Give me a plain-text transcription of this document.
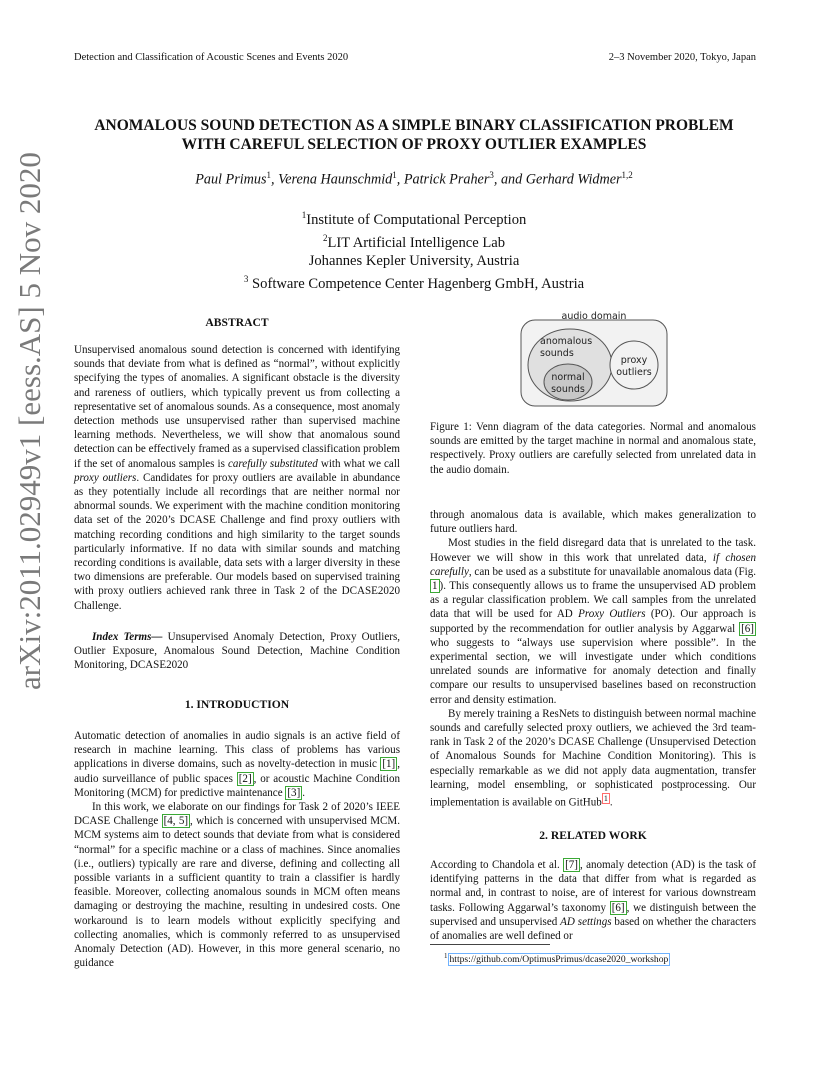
Detection and Classification of Acoustic Scenes and Events 2020	2–3 November 2020, Tokyo, Japan
arXiv:2011.02949v1 [eess.AS] 5 Nov 2020
ANOMALOUS SOUND DETECTION AS A SIMPLE BINARY CLASSIFICATION PROBLEM
WITH CAREFUL SELECTION OF PROXY OUTLIER EXAMPLES
Paul Primus$^1$, Verena Haunschmid$^1$, Patrick Praher$^3$, and Gerhard Widmer$^{1,2}$
$^1$Institute of Computational Perception
$^2$LIT Artificial Intelligence Lab
Johannes Kepler University, Austria
$^3$ Software Competence Center Hagenberg GmbH, Austria
ABSTRACT

Unsupervised anomalous sound detection is concerned with identifying sounds that deviate from what is defined as “normal”, without explicitly specifying the types of anomalies. A significant obstacle is the diversity and rareness of outliers, which typically prevent us from collecting a representative set of anomalous sounds. As a consequence, most anomaly detection methods use unsupervised rather than supervised machine learning methods. Nevertheless, we will show that anomalous sound detection can be effectively framed as a supervised classification problem if the set of anomalous samples is carefully substituted with what we call proxy outliers. Candidates for proxy outliers are available in abundance as they potentially include all recordings that are neither normal nor abnormal sounds. We experiment with the machine condition monitoring data set of the 2020’s DCASE Challenge and find proxy outliers with matching recording conditions and high similarity to the target sounds particularly informative. If no data with similar sounds and matching recording conditions is available, data sets with a larger diversity in these two dimensions are preferable. Our models based on supervised training with proxy outliers achieved rank three in Task 2 of the DCASE2020 Challenge.

Index Terms— Unsupervised Anomaly Detection, Proxy Outliers, Outlier Exposure, Anomalous Sound Detection, Machine Condition Monitoring, DCASE2020

1. INTRODUCTION

Automatic detection of anomalies in audio signals is an active field of research in machine learning. This class of problems has various applications in diverse domains, such as novelty-detection in music [1] , audio surveillance of public spaces [2] , or acoustic Machine Condition Monitoring (MCM) for predictive maintenance [3] .

In this work, we elaborate on our findings for Task 2 of 2020’s IEEE DCASE Challenge [4, 5] , which is concerned with unsupervised MCM. MCM systems aim to detect sounds that deviate from what is considered “normal” for a specific machine or a class of machines. Since anomalies (i.e., outliers) typically are rare and diverse, defining and collecting all possible variants in a sufficient quantity to train a classifier is hardly feasible. Moreover, collecting anomalous sounds in MCM often means damaging or destroying the machine, resulting in undesired costs. One workaround is to learn models without explicitly specifying and collecting anomalies, which is commonly referred to as unsupervised Anomaly Detection (AD). However, in this more general scenario, no guidance

audio domain
anomalous
sounds
normal
sounds
proxy
outliers

Figure 1: Venn diagram of the data categories. Normal and anomalous sounds are emitted by the target machine in normal and anomalous state, respectively. Proxy outliers are carefully selected from unrelated data in the audio domain.

through anomalous data is available, which makes generalization to future outliers hard.

Most studies in the field disregard data that is unrelated to the task. However we will show in this work that unrelated data, if chosen carefully, can be used as a substitute for unavailable anomalous data (Fig. 1 ). This consequently allows us to frame the unsupervised AD problem as a regular classification problem. We call samples from the unrelated data that will be used for AD Proxy Outliers (PO). Our approach is supported by the recommendation for outlier analysis by Aggarwal [6] who suggests to “always use supervision where possible”. In the experimental section, we will investigate under which conditions unrelated sounds are informative for anomaly detection and finally compare our results to unsupervised baselines based on reconstruction error and density estimation.

By merely training a ResNets to distinguish between normal machine sounds and carefully selected proxy outliers, we achieved the 3rd team-rank in Task 2 of the 2020’s DCASE Challenge (Unsupervised Detection of Anomalous Sounds for Machine Condition Monitoring). This is especially remarkable as we did not apply data augmentation, transfer learning, model ensembling, or sophisticated postprocessing. Our implementation is available on GitHub $^1$ .

2. RELATED WORK

According to Chandola et al. [7] , anomaly detection (AD) is the task of identifying patterns in the data that differ from what is regarded as normal and, in contrast to noise, are of interest for various downstream tasks. Following Aggarwal’s taxonomy [6] , we distinguish between the supervised and unsupervised AD settings based on whether the characters of anomalies are well defined or

$^1$ https://github.com/OptimusPrimus/dcase2020_workshop
